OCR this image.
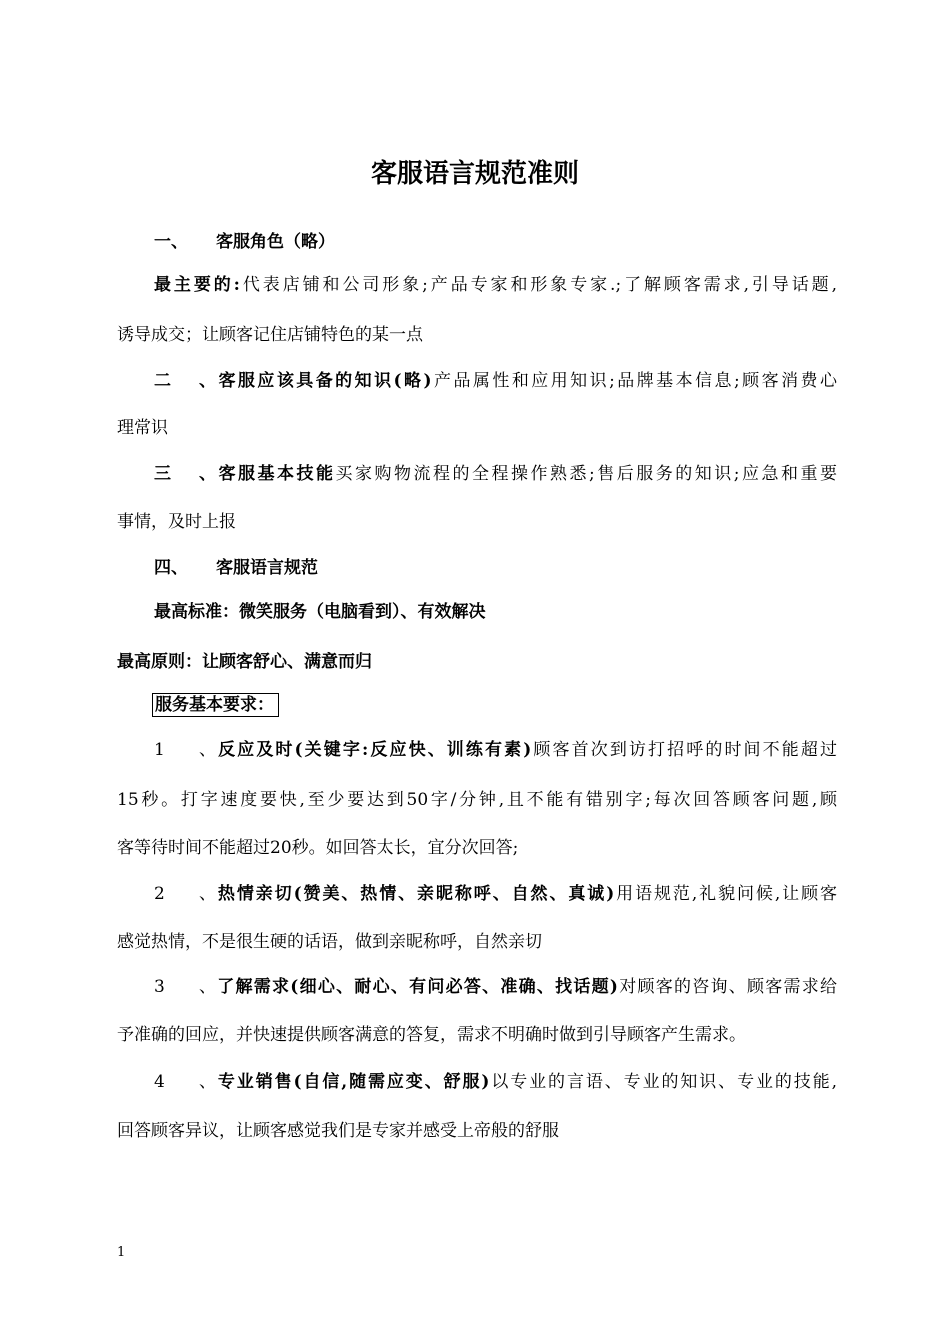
客服语言规范准则
一、 客服角色（略）
最主要的:代表店铺和公司形象;产品专家和形象专家.;了解顾客需求,引导话题,
诱导成交；让顾客记住店铺特色的某一点
二、客服应该具备的知识(略)产品属性和应用知识;品牌基本信息;顾客消费心
理常识
三、客服基本技能买家购物流程的全程操作熟悉;售后服务的知识;应急和重要
事情，及时上报
四、 客服语言规范
最高标准：微笑服务（电脑看到）、有效解决
最高原则：让顾客舒心、满意而归
服务基本要求：
1、反应及时(关键字:反应快、训练有素)顾客首次到访打招呼的时间不能超过
15秒。打字速度要快,至少要达到50字/分钟,且不能有错别字;每次回答顾客问题,顾
客等待时间不能超过20秒。如回答太长，宜分次回答;
2、热情亲切(赞美、热情、亲昵称呼、自然、真诚)用语规范,礼貌问候,让顾客
感觉热情，不是很生硬的话语，做到亲昵称呼，自然亲切
3、了解需求(细心、耐心、有问必答、准确、找话题)对顾客的咨询、顾客需求给
予准确的回应，并快速提供顾客满意的答复，需求不明确时做到引导顾客产生需求。
4、专业销售(自信,随需应变、舒服)以专业的言语、专业的知识、专业的技能,
回答顾客异议，让顾客感觉我们是专家并感受上帝般的舒服
1
